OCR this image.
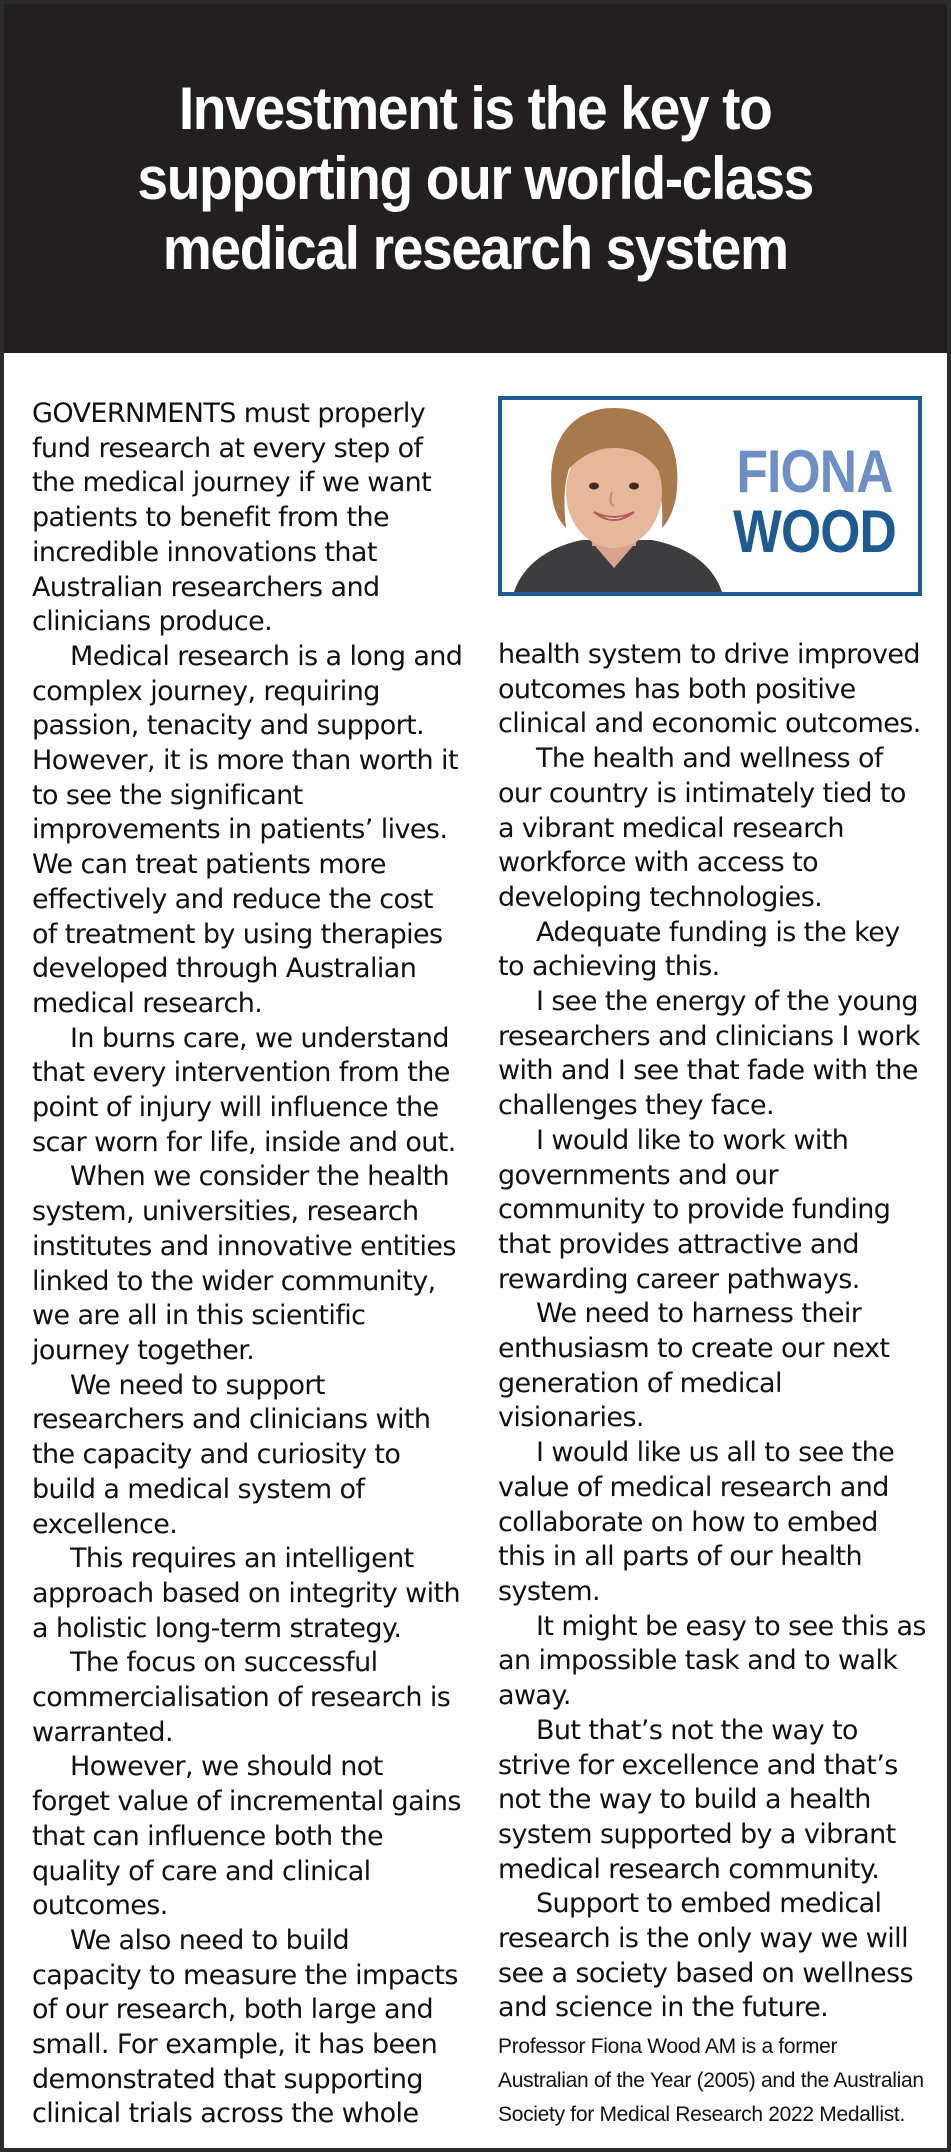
Investment is the key to
supporting our world-class
medical research system

GOVERNMENTS must properly fund research at every step of the medical journey if we want patients to benefit from the incredible innovations that Australian researchers and clinicians produce.

Medical research is a long and complex journey, requiring passion, tenacity and support. However, it is more than worth it to see the significant improvements in patients’ lives. We can treat patients more effectively and reduce the cost of treatment by using therapies developed through Australian medical research.

In burns care, we understand that every intervention from the point of injury will influence the scar worn for life, inside and out.

When we consider the health system, universities, research institutes and innovative entities linked to the wider community, we are all in this scientific journey together.

We need to support researchers and clinicians with the capacity and curiosity to build a medical system of excellence.

This requires an intelligent approach based on integrity with a holistic long-term strategy.

The focus on successful commercialisation of research is warranted.

However, we should not forget value of incremental gains that can influence both the quality of care and clinical outcomes.

We also need to build capacity to measure the impacts of our research, both large and small. For example, it has been demonstrated that supporting clinical trials across the whole

FIONA
WOOD

health system to drive improved outcomes has both positive clinical and economic outcomes.

The health and wellness of our country is intimately tied to a vibrant medical research workforce with access to developing technologies.

Adequate funding is the key to achieving this.

I see the energy of the young researchers and clinicians I work with and I see that fade with the challenges they face.

I would like to work with governments and our community to provide funding that provides attractive and rewarding career pathways.

We need to harness their enthusiasm to create our next generation of medical visionaries.

I would like us all to see the value of medical research and collaborate on how to embed this in all parts of our health system.

It might be easy to see this as an impossible task and to walk away.

But that’s not the way to strive for excellence and that’s not the way to build a health system supported by a vibrant medical research community.

Support to embed medical research is the only way we will see a society based on wellness and science in the future.

Professor Fiona Wood AM is a former Australian of the Year (2005) and the Australian Society for Medical Research 2022 Medallist.
